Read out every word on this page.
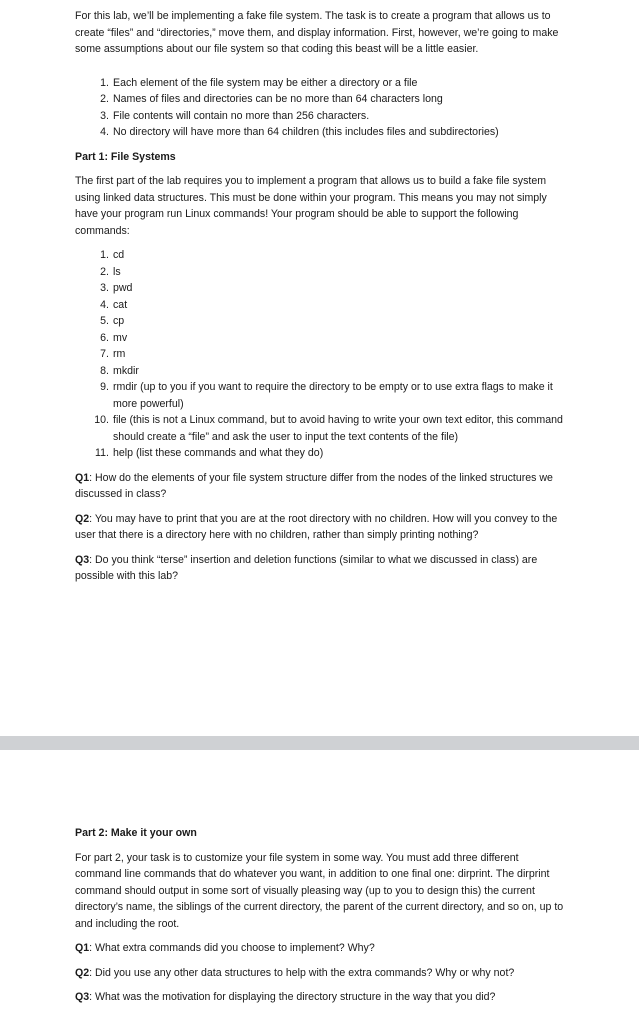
For this lab, we’ll be implementing a fake file system. The task is to create a program that allows us to create “files” and “directories,” move them, and display information. First, however, we’re going to make some assumptions about our file system so that coding this beast will be a little easier.

1. Each element of the file system may be either a directory or a file
2. Names of files and directories can be no more than 64 characters long
3. File contents will contain no more than 256 characters.
4. No directory will have more than 64 children (this includes files and subdirectories)

Part 1: File Systems

The first part of the lab requires you to implement a program that allows us to build a fake file system using linked data structures. This must be done within your program. This means you may not simply have your program run Linux commands! Your program should be able to support the following commands:

1. cd
2. ls
3. pwd
4. cat
5. cp
6. mv
7. rm
8. mkdir
9. rmdir (up to you if you want to require the directory to be empty or to use extra flags to make it more powerful)
10. file (this is not a Linux command, but to avoid having to write your own text editor, this command should create a “file” and ask the user to input the text contents of the file)
11. help (list these commands and what they do)

Q1: How do the elements of your file system structure differ from the nodes of the linked structures we discussed in class?

Q2: You may have to print that you are at the root directory with no children. How will you convey to the user that there is a directory here with no children, rather than simply printing nothing?

Q3: Do you think “terse” insertion and deletion functions (similar to what we discussed in class) are possible with this lab?

Part 2: Make it your own

For part 2, your task is to customize your file system in some way. You must add three different command line commands that do whatever you want, in addition to one final one: dirprint. The dirprint command should output in some sort of visually pleasing way (up to you to design this) the current directory’s name, the siblings of the current directory, the parent of the current directory, and so on, up to and including the root.

Q1: What extra commands did you choose to implement? Why?

Q2: Did you use any other data structures to help with the extra commands? Why or why not?

Q3: What was the motivation for displaying the directory structure in the way that you did?
